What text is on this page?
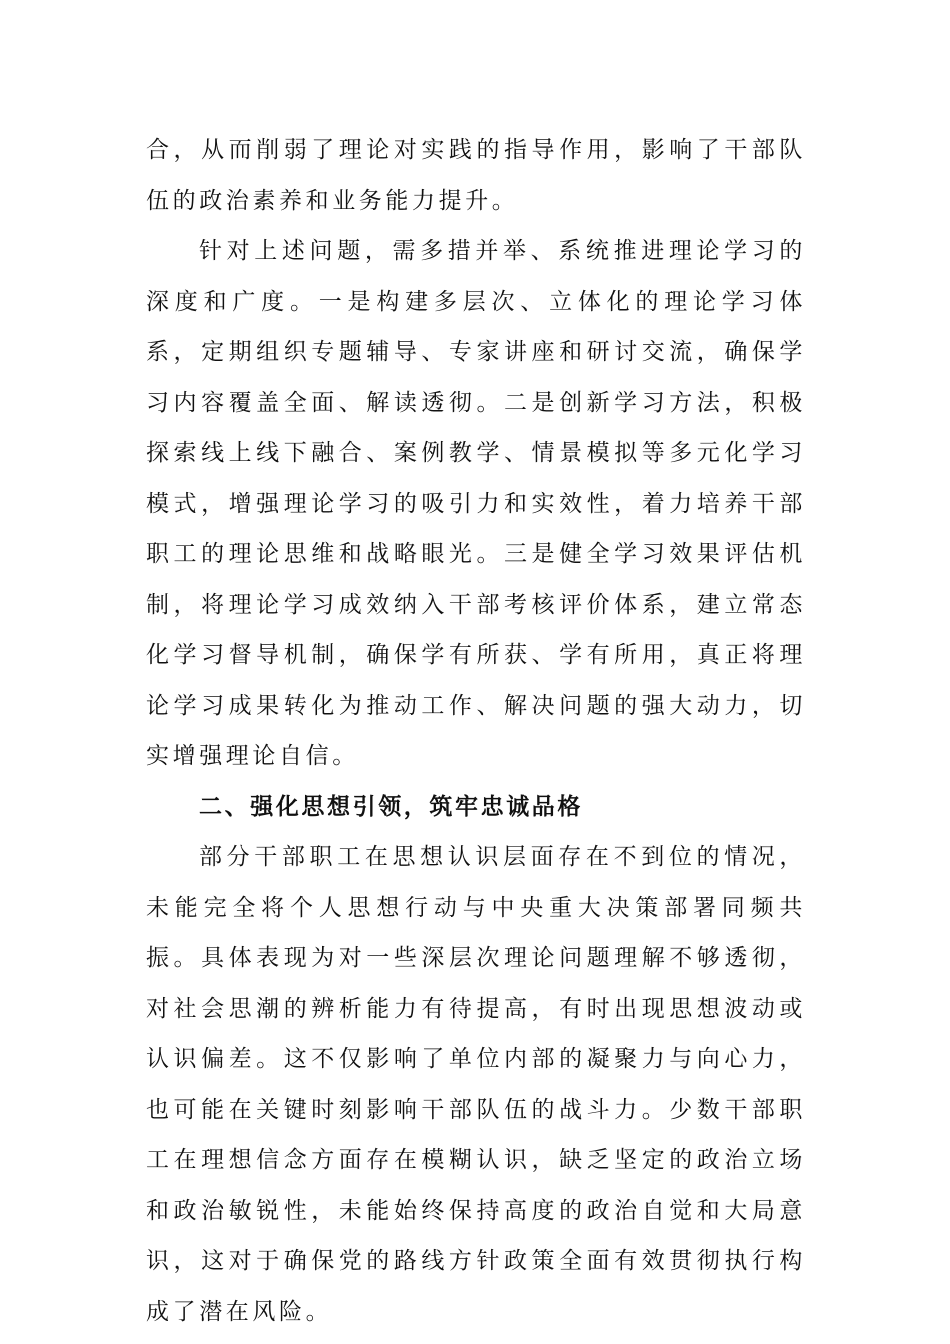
合，从而削弱了理论对实践的指导作用，影响了干部队伍的政治素养和业务能力提升。

针对上述问题，需多措并举、系统推进理论学习的深度和广度。一是构建多层次、立体化的理论学习体系，定期组织专题辅导、专家讲座和研讨交流，确保学习内容覆盖全面、解读透彻。二是创新学习方法，积极探索线上线下融合、案例教学、情景模拟等多元化学习模式，增强理论学习的吸引力和实效性，着力培养干部职工的理论思维和战略眼光。三是健全学习效果评估机制，将理论学习成效纳入干部考核评价体系，建立常态化学习督导机制，确保学有所获、学有所用，真正将理论学习成果转化为推动工作、解决问题的强大动力，切实增强理论自信。

二、强化思想引领，筑牢忠诚品格

部分干部职工在思想认识层面存在不到位的情况，未能完全将个人思想行动与中央重大决策部署同频共振。具体表现为对一些深层次理论问题理解不够透彻，对社会思潮的辨析能力有待提高，有时出现思想波动或认识偏差。这不仅影响了单位内部的凝聚力与向心力，也可能在关键时刻影响干部队伍的战斗力。少数干部职工在理想信念方面存在模糊认识，缺乏坚定的政治立场和政治敏锐性，未能始终保持高度的政治自觉和大局意识，这对于确保党的路线方针政策全面有效贯彻执行构成了潜在风险。
